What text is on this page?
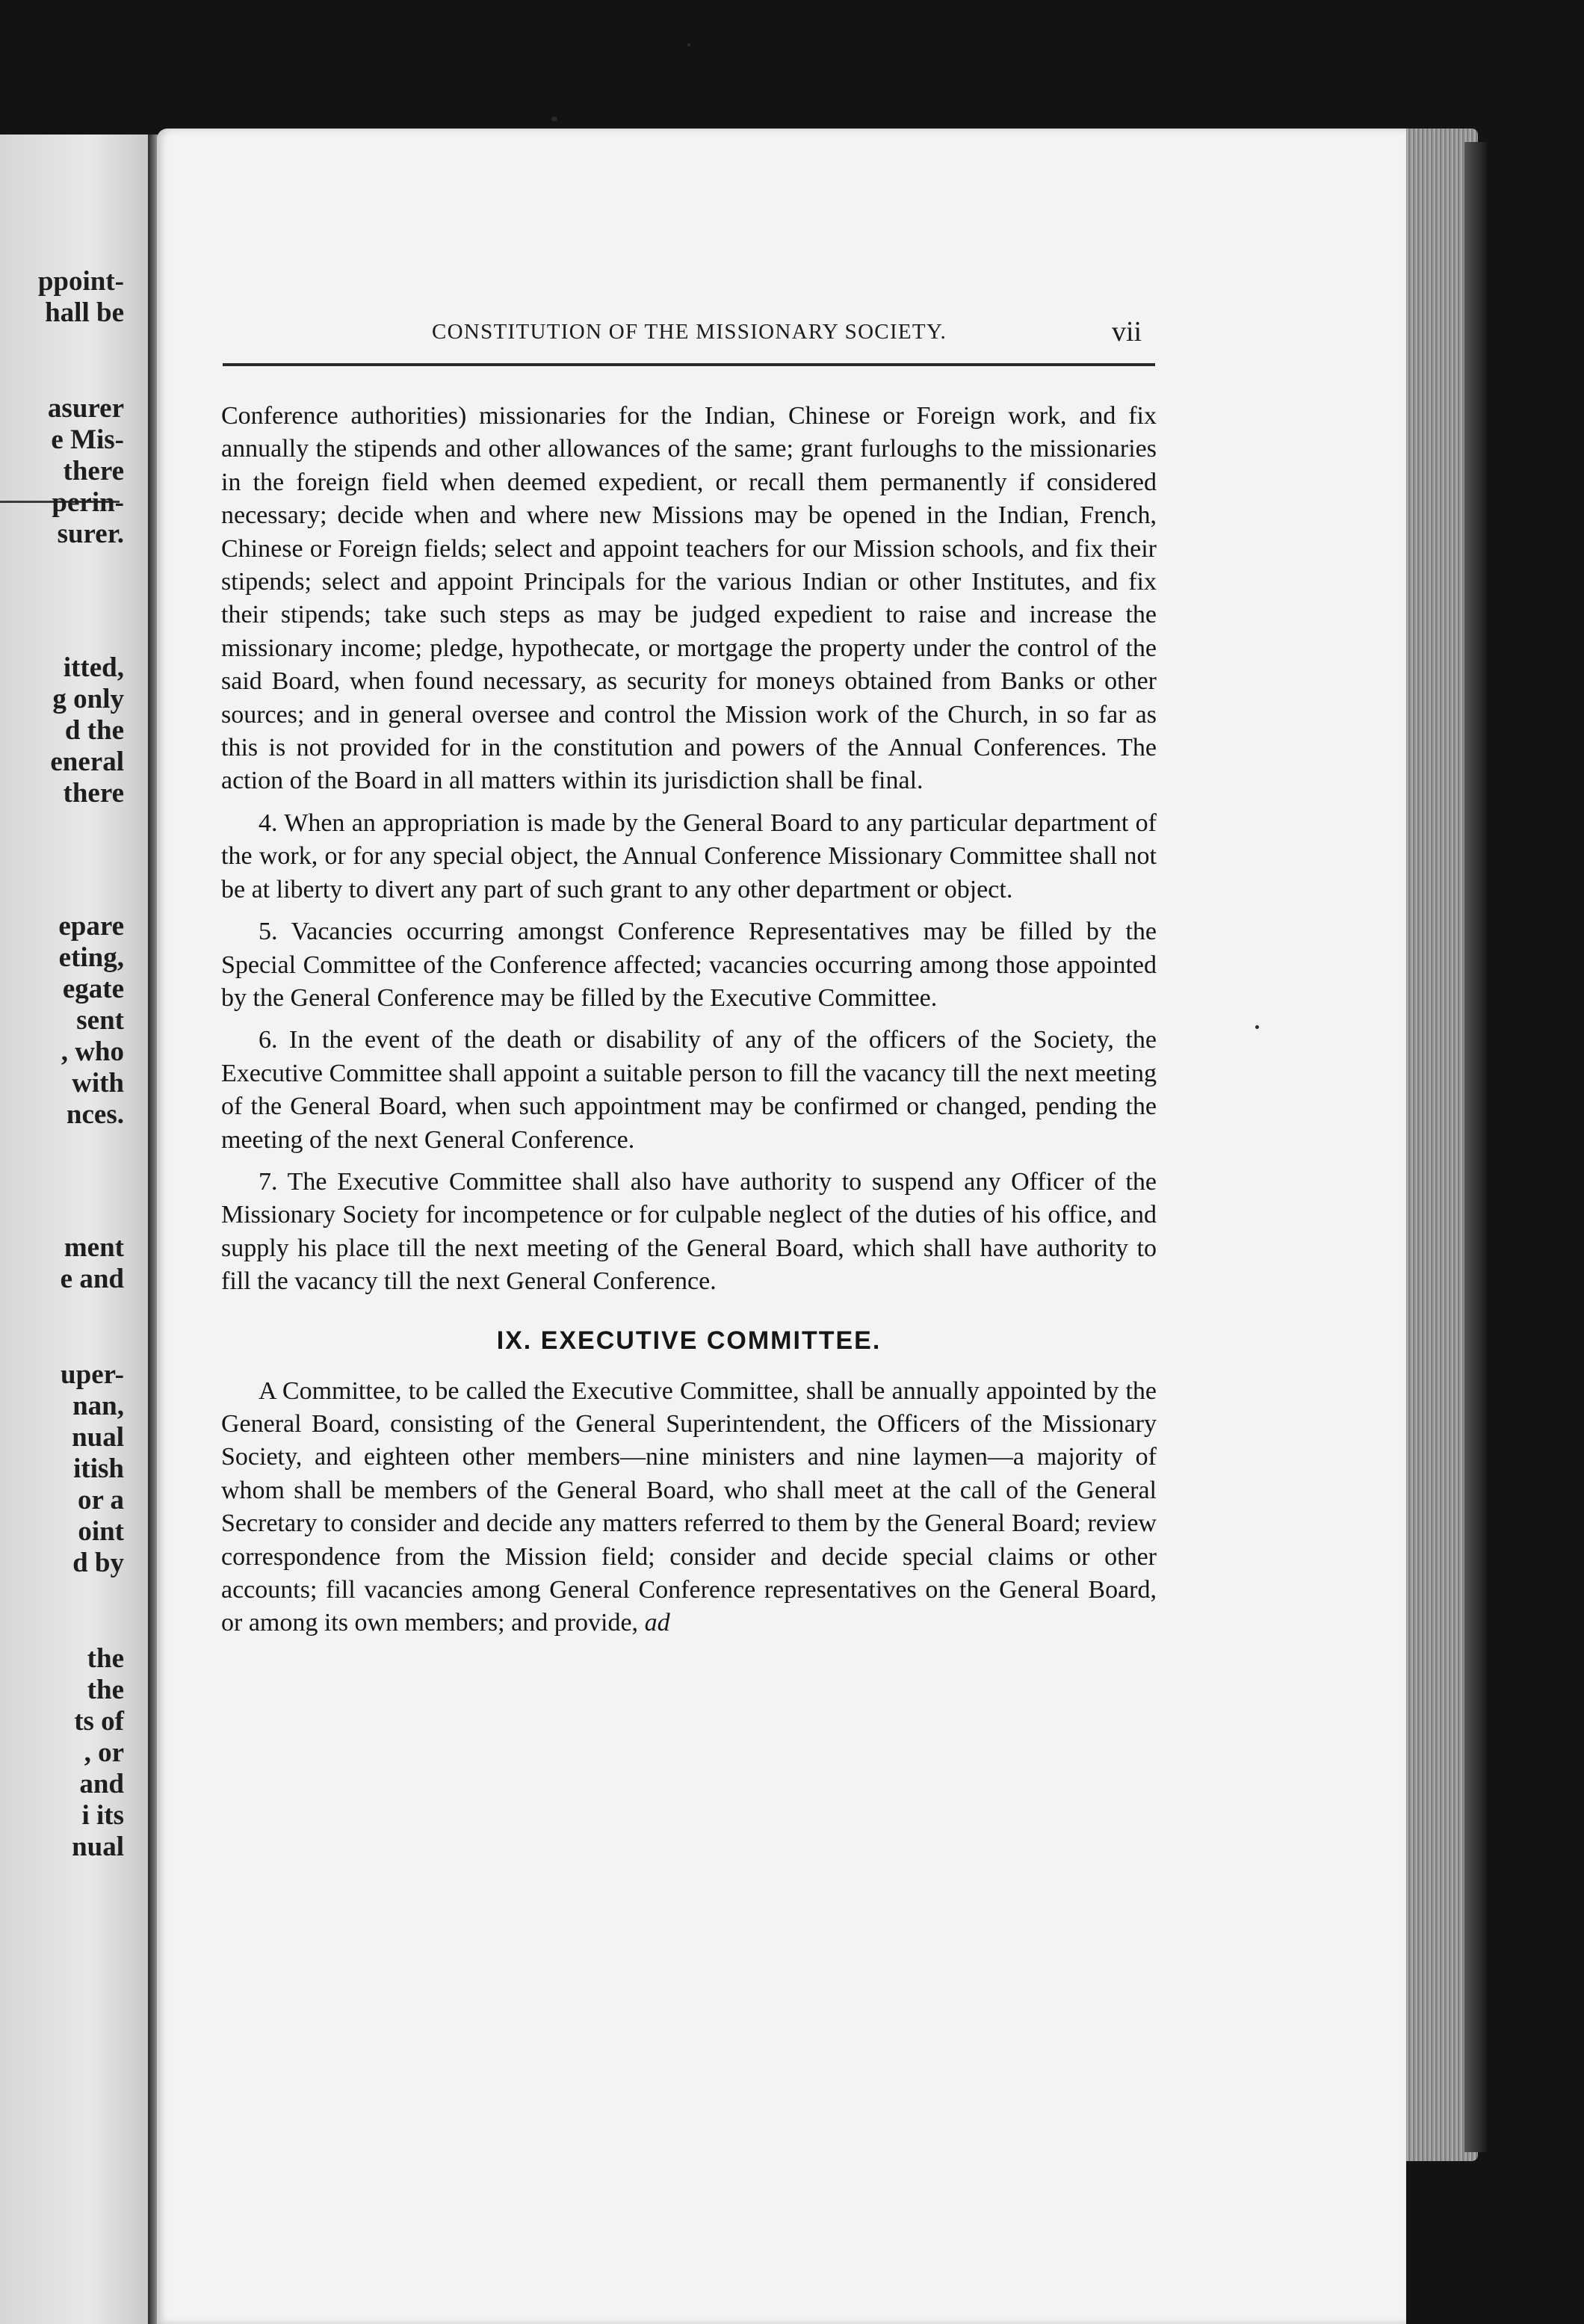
ppoint-
hall be
asurer
e Mis-
there
perin-
surer.
itted,
g only
d the
eneral
there
epare
eting,
egate
sent
, who
with
nces.
ment
e and
uper-
nan,
nual
itish
or a
oint
d by
the
the
ts of
, or
and
i its
nual
CONSTITUTION OF THE MISSIONARY SOCIETY.	vii

Conference authorities) missionaries for the Indian, Chinese or Foreign work, and fix annually the stipends and other allowances of the same; grant furloughs to the missionaries in the foreign field when deemed expedient, or recall them permanently if considered necessary; decide when and where new Missions may be opened in the Indian, French, Chinese or Foreign fields; select and appoint teachers for our Mission schools, and fix their stipends; select and appoint Principals for the various Indian or other Institutes, and fix their stipends; take such steps as may be judged expedient to raise and increase the missionary income; pledge, hypothecate, or mortgage the property under the control of the said Board, when found necessary, as security for moneys obtained from Banks or other sources; and in general oversee and control the Mission work of the Church, in so far as this is not provided for in the constitution and powers of the Annual Conferences. The action of the Board in all matters within its jurisdiction shall be final.

4. When an appropriation is made by the General Board to any particular department of the work, or for any special object, the Annual Conference Missionary Committee shall not be at liberty to divert any part of such grant to any other department or object.

5. Vacancies occurring amongst Conference Representatives may be filled by the Special Committee of the Conference affected; vacancies occurring among those appointed by the General Conference may be filled by the Executive Committee.

6. In the event of the death or disability of any of the officers of the Society, the Executive Committee shall appoint a suitable person to fill the vacancy till the next meeting of the General Board, when such appointment may be confirmed or changed, pending the meeting of the next General Conference.

7. The Executive Committee shall also have authority to suspend any Officer of the Missionary Society for incompetence or for culpable neglect of the duties of his office, and supply his place till the next meeting of the General Board, which shall have authority to fill the vacancy till the next General Conference.

IX. EXECUTIVE COMMITTEE.

A Committee, to be called the Executive Committee, shall be annually appointed by the General Board, consisting of the General Superintendent, the Officers of the Missionary Society, and eighteen other members—nine ministers and nine laymen—a majority of whom shall be members of the General Board, who shall meet at the call of the General Secretary to consider and decide any matters referred to them by the General Board; review correspondence from the Mission field; consider and decide special claims or other accounts; fill vacancies among General Conference representatives on the General Board, or among its own members; and provide, ad
